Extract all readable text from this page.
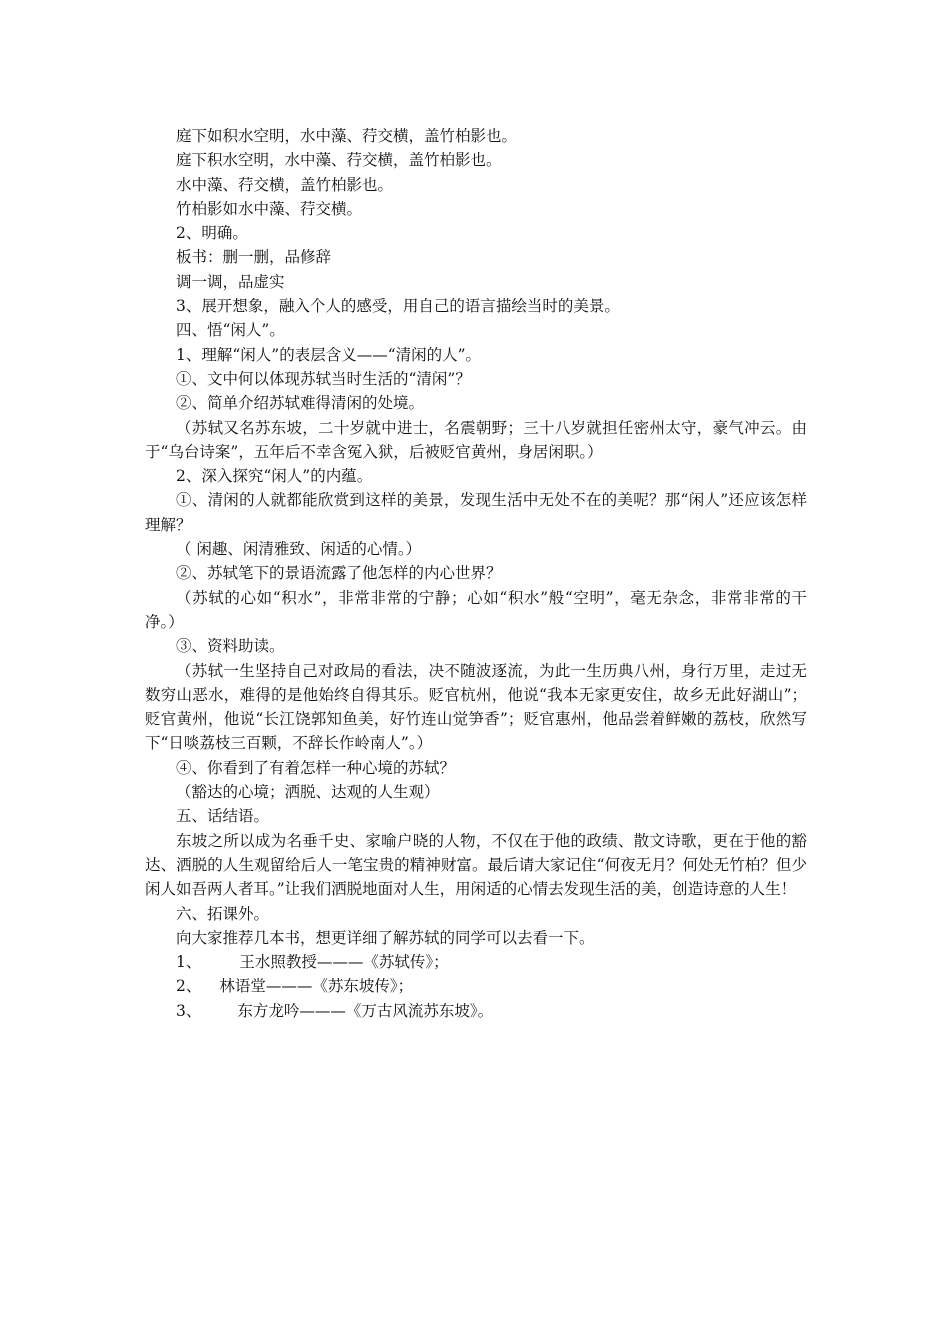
庭下如积水空明，水中藻、荇交横，盖竹柏影也。

庭下积水空明，水中藻、荇交横，盖竹柏影也。

水中藻、荇交横，盖竹柏影也。

竹柏影如水中藻、荇交横。

2、明确。

板书：删一删，品修辞

调一调，品虚实

3、展开想象，融入个人的感受，用自己的语言描绘当时的美景。

四、悟“闲人”。

1、理解“闲人”的表层含义——“清闲的人”。

①、文中何以体现苏轼当时生活的“清闲”？

②、简单介绍苏轼难得清闲的处境。

（苏轼又名苏东坡，二十岁就中进士，名震朝野；三十八岁就担任密州太守，豪气冲云。由于“乌台诗案”，五年后不幸含冤入狱，后被贬官黄州，身居闲职。）

2、深入探究“闲人”的内蕴。

①、清闲的人就都能欣赏到这样的美景，发现生活中无处不在的美呢？那“闲人”还应该怎样理解？

（ 闲趣、闲清雅致、闲适的心情。）

②、苏轼笔下的景语流露了他怎样的内心世界？

（苏轼的心如“积水”，非常非常的宁静；心如“积水”般“空明”，毫无杂念，非常非常的干净。）

③、资料助读。

（苏轼一生坚持自己对政局的看法，决不随波逐流，为此一生历典八州，身行万里，走过无数穷山恶水，难得的是他始终自得其乐。贬官杭州，他说“我本无家更安住，故乡无此好湖山”；贬官黄州，他说“长江饶郭知鱼美，好竹连山觉笋香”；贬官惠州，他品尝着鲜嫩的荔枝，欣然写下“日啖荔枝三百颗，不辞长作岭南人”。）

④、你看到了有着怎样一种心境的苏轼？

（豁达的心境；洒脱、达观的人生观）

五、话结语。

东坡之所以成为名垂千史、家喻户晓的人物，不仅在于他的政绩、散文诗歌，更在于他的豁达、洒脱的人生观留给后人一笔宝贵的精神财富。最后请大家记住“何夜无月？何处无竹柏？但少闲人如吾两人者耳。”让我们洒脱地面对人生，用闲适的心情去发现生活的美，创造诗意的人生！

六、拓课外。

向大家推荐几本书，想更详细了解苏轼的同学可以去看一下。

1、 王水照教授———《苏轼传》；
2、 林语堂———《苏东坡传》；
3、 东方龙吟———《万古风流苏东坡》。
